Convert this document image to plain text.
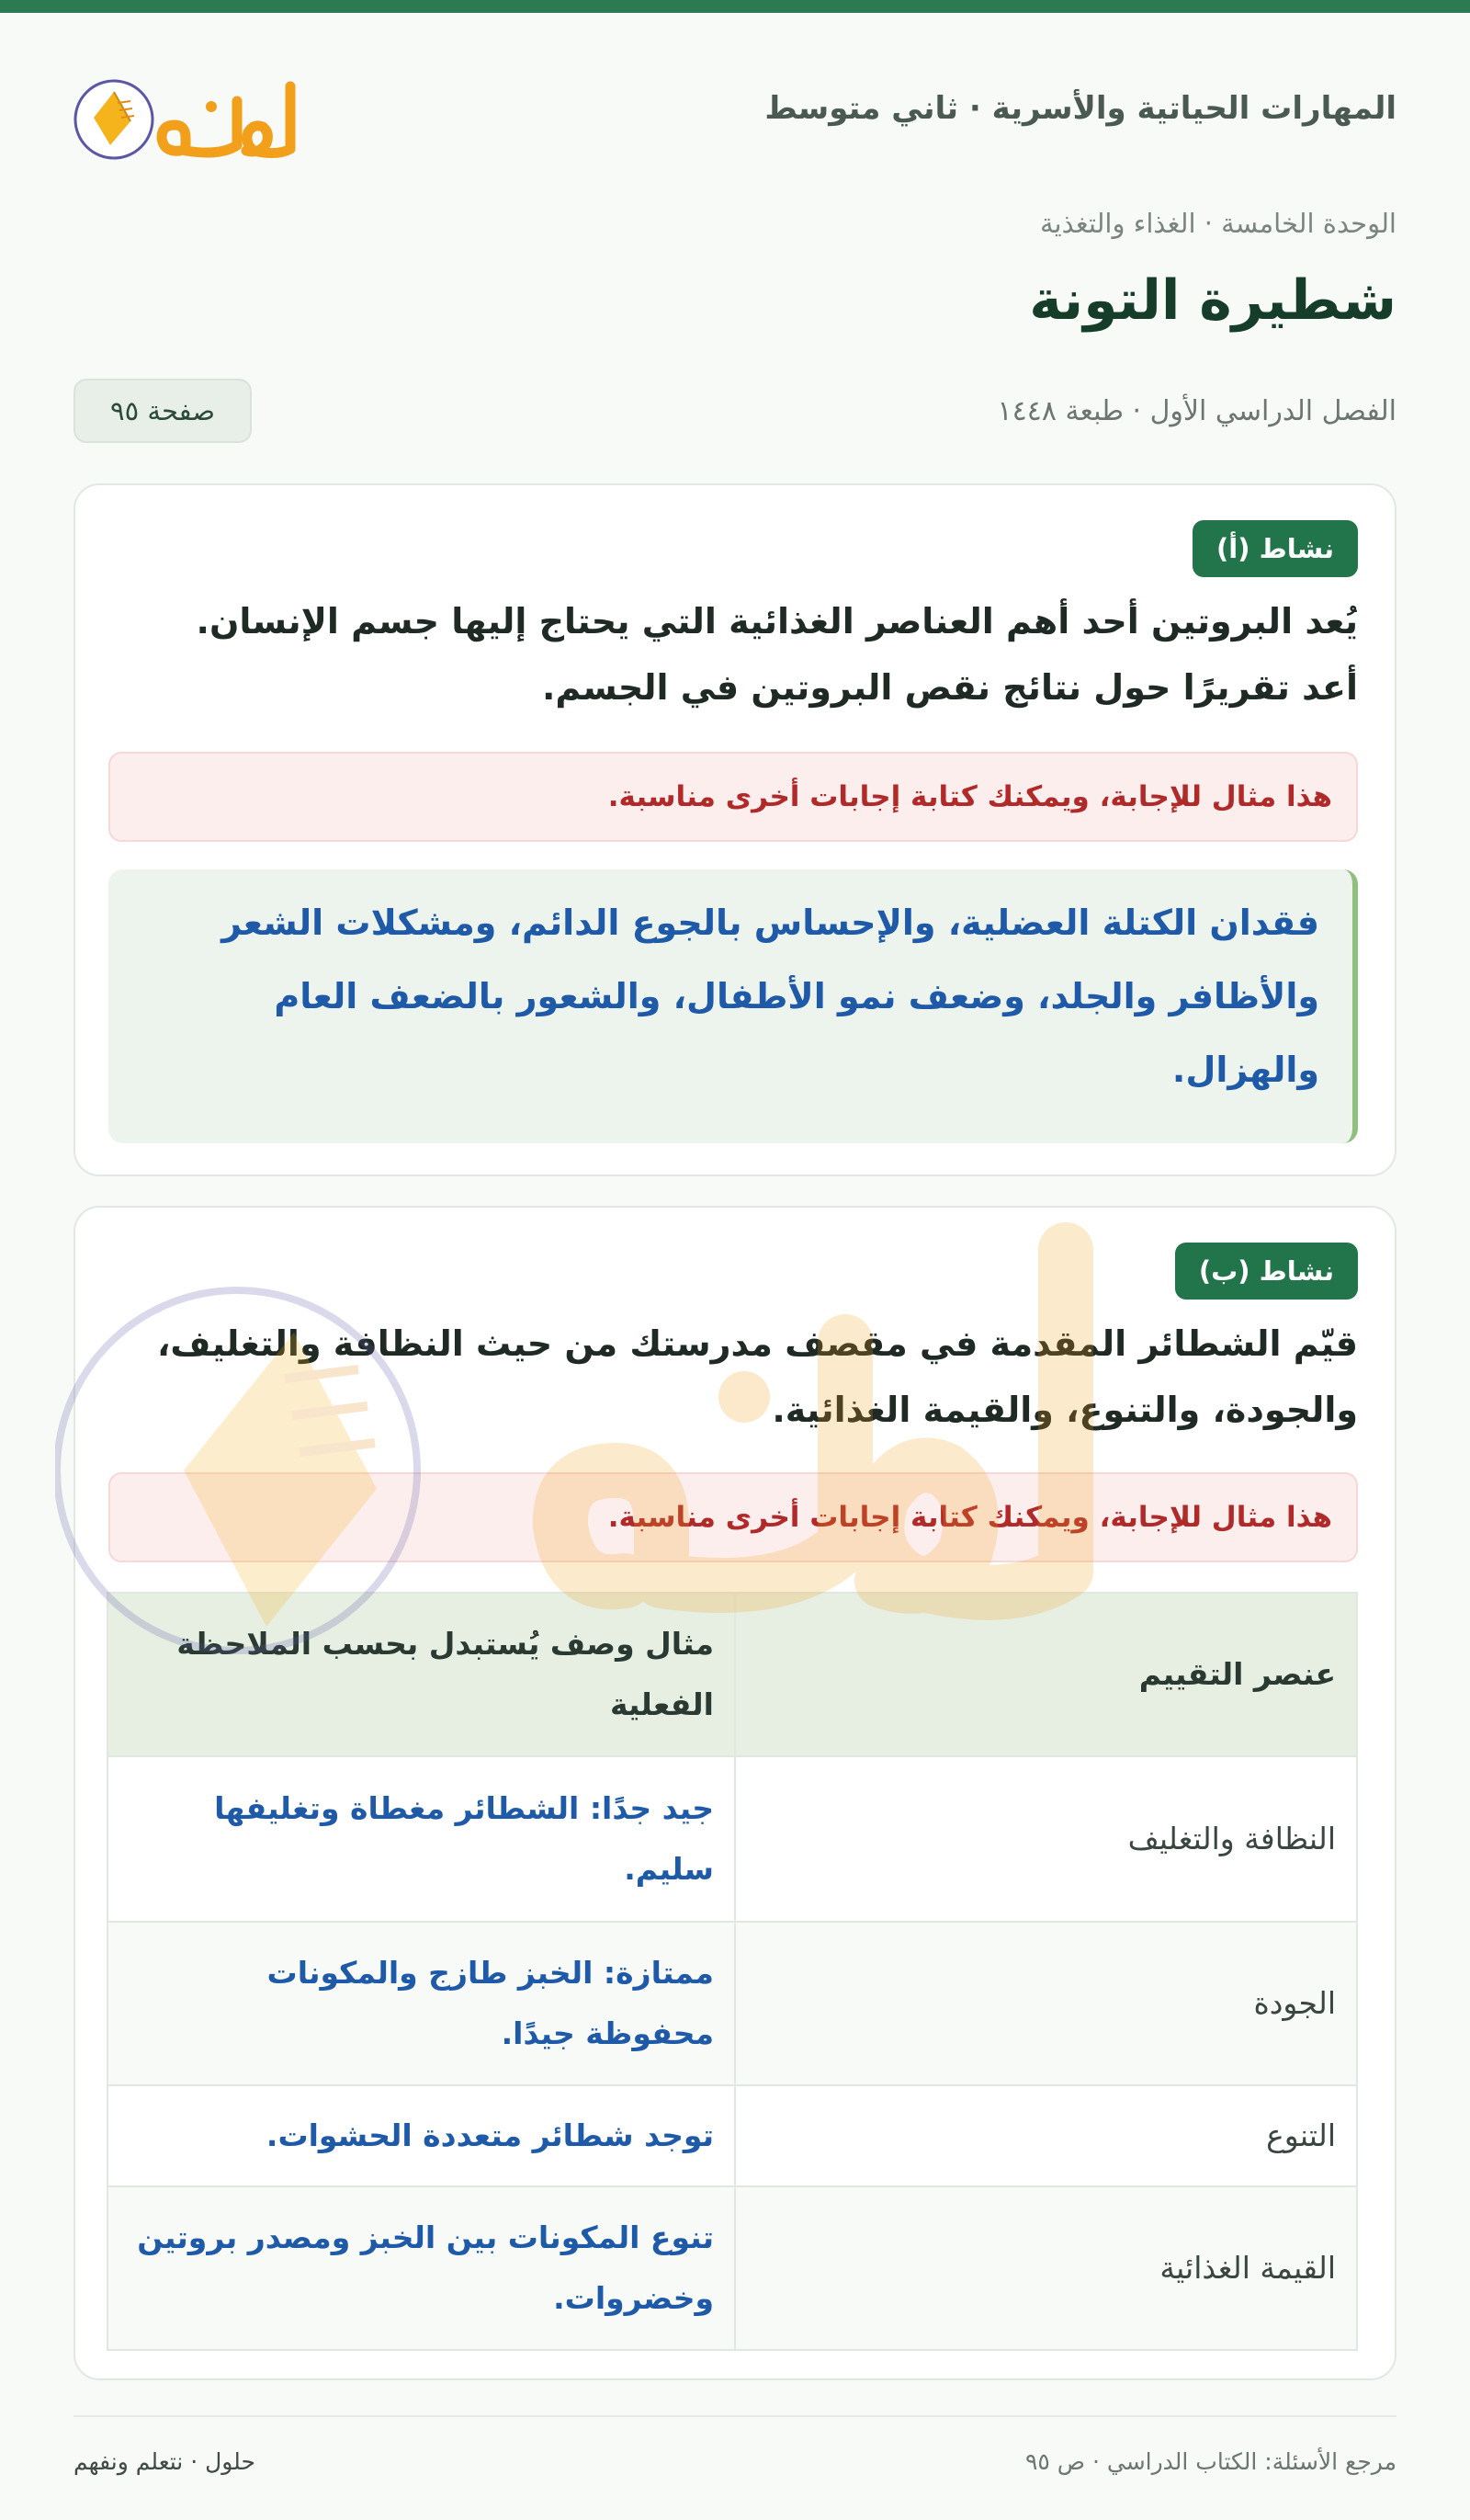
المهارات الحياتية والأسرية · ثاني متوسط
الوحدة الخامسة · الغذاء والتغذية
شطيرة التونة
الفصل الدراسي الأول · طبعة ١٤٤٨
صفحة ٩٥
نشاط (أ)
يُعد البروتين أحد أهم العناصر الغذائية التي يحتاج إليها جسم الإنسان.
أعد تقريرًا حول نتائج نقص البروتين في الجسم.
هذا مثال للإجابة، ويمكنك كتابة إجابات أخرى مناسبة.
فقدان الكتلة العضلية، والإحساس بالجوع الدائم، ومشكلات الشعر والأظافر والجلد، وضعف نمو الأطفال، والشعور بالضعف العام والهزال.
نشاط (ب)
قيّم الشطائر المقدمة في مقصف مدرستك من حيث النظافة والتغليف، والجودة، والتنوع، والقيمة الغذائية.
هذا مثال للإجابة، ويمكنك كتابة إجابات أخرى مناسبة.
عنصر التقييم	مثال وصف يُستبدل بحسب الملاحظة الفعلية
النظافة والتغليف	جيد جدًا: الشطائر مغطاة وتغليفها سليم.
الجودة	ممتازة: الخبز طازج والمكونات محفوظة جيدًا.
التنوع	توجد شطائر متعددة الحشوات.
القيمة الغذائية	تنوع المكونات بين الخبز ومصدر بروتين وخضروات.
مرجع الأسئلة: الكتاب الدراسي · ص ٩٥
حلول · نتعلم ونفهم
